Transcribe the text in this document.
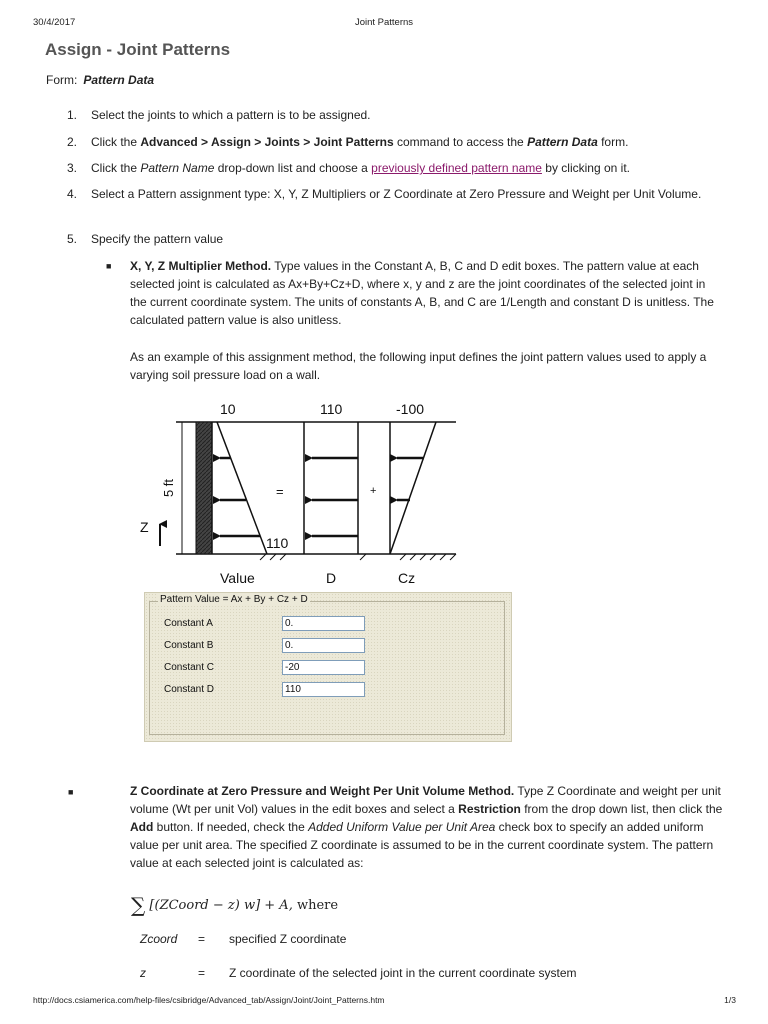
30/4/2017	Joint Patterns
Assign - Joint Patterns
Form: Pattern Data
1.	Select the joints to which a pattern is to be assigned.
2.	Click the Advanced > Assign > Joints > Joint Patterns command to access the Pattern Data form.
3.	Click the Pattern Name drop-down list and choose a previously defined pattern name by clicking on it.
4.	Select a Pattern assignment type: X, Y, Z Multipliers or Z Coordinate at Zero Pressure and Weight per Unit Volume.
5.	Specify the pattern value
■ X, Y, Z Multiplier Method. Type values in the Constant A, B, C and D edit boxes. The pattern value at each selected joint is calculated as Ax+By+Cz+D, where x, y and z are the joint coordinates of the selected joint in the current coordinate system. The units of constants A, B, and C are 1/Length and constant D is unitless. The calculated pattern value is also unitless.
As an example of this assignment method, the following input defines the joint pattern values used to apply a varying soil pressure load on a wall.
5 ft
Z
10
110
=
110
+
-100
Value	D	Cz
Pattern Value = Ax + By + Cz + D
Constant A	0.
Constant B	0.
Constant C	-20
Constant D	110
■	Z Coordinate at Zero Pressure and Weight Per Unit Volume Method. Type Z Coordinate and weight per unit volume (Wt per unit Vol) values in the edit boxes and select a Restriction from the drop down list, then click the Add button. If needed, check the Added Uniform Value per Unit Area check box to specify an added uniform value per unit area. The specified Z coordinate is assumed to be in the current coordinate system. The pattern value at each selected joint is calculated as:
∑ [(ZCoord − z) w] + A, where
Zcoord = specified Z coordinate
z	= Z coordinate of the selected joint in the current coordinate system
http://docs.csiamerica.com/help-files/csibridge/Advanced_tab/Assign/Joint/Joint_Patterns.htm	1/3
